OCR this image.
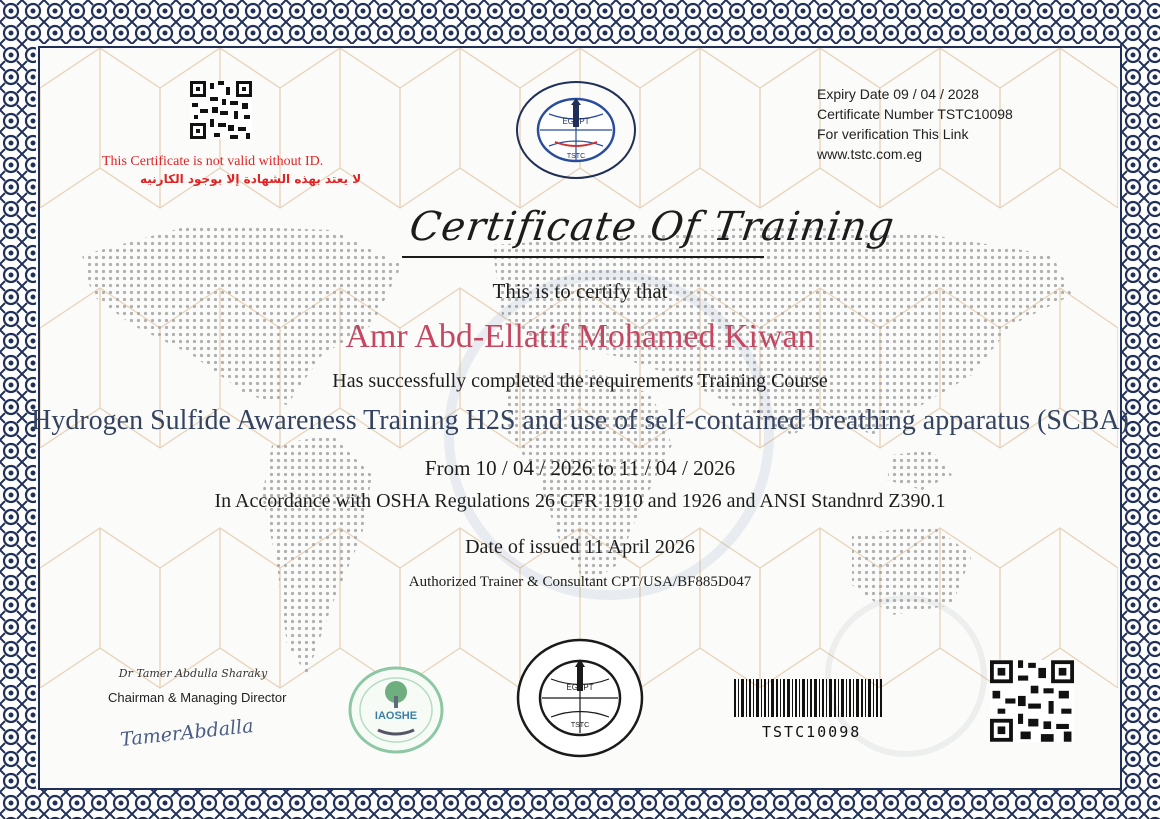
This Certificate is not valid without ID.
لا يعتد بهذه الشهادة إلا بوجود الكارنيه
EGYPT
TSTC
Expiry Date 09 / 04 / 2028
Certificate Number TSTC10098
For verification This Link
www.tstc.com.eg
Certificate Of Training
This is to certify that
Amr Abd-Ellatif Mohamed Kiwan
Has successfully completed the requirements Training Course
Hydrogen Sulfide Awareness Training H2S and use of self-contained breathing apparatus (SCBA)
From 10 / 04 / 2026 to 11 / 04 / 2026
In Accordance with OSHA Regulations 26 CFR 1910 and 1926 and ANSI Standnrd Z390.1
Date of issued 11 April 2026
Authorized Trainer & Consultant CPT/USA/BF885D047
Dr Tamer Abdulla Sharaky
Chairman & Managing Director
TamerAbdalla	IAOSHE
EGYPT
TSTC	TSTC10098
